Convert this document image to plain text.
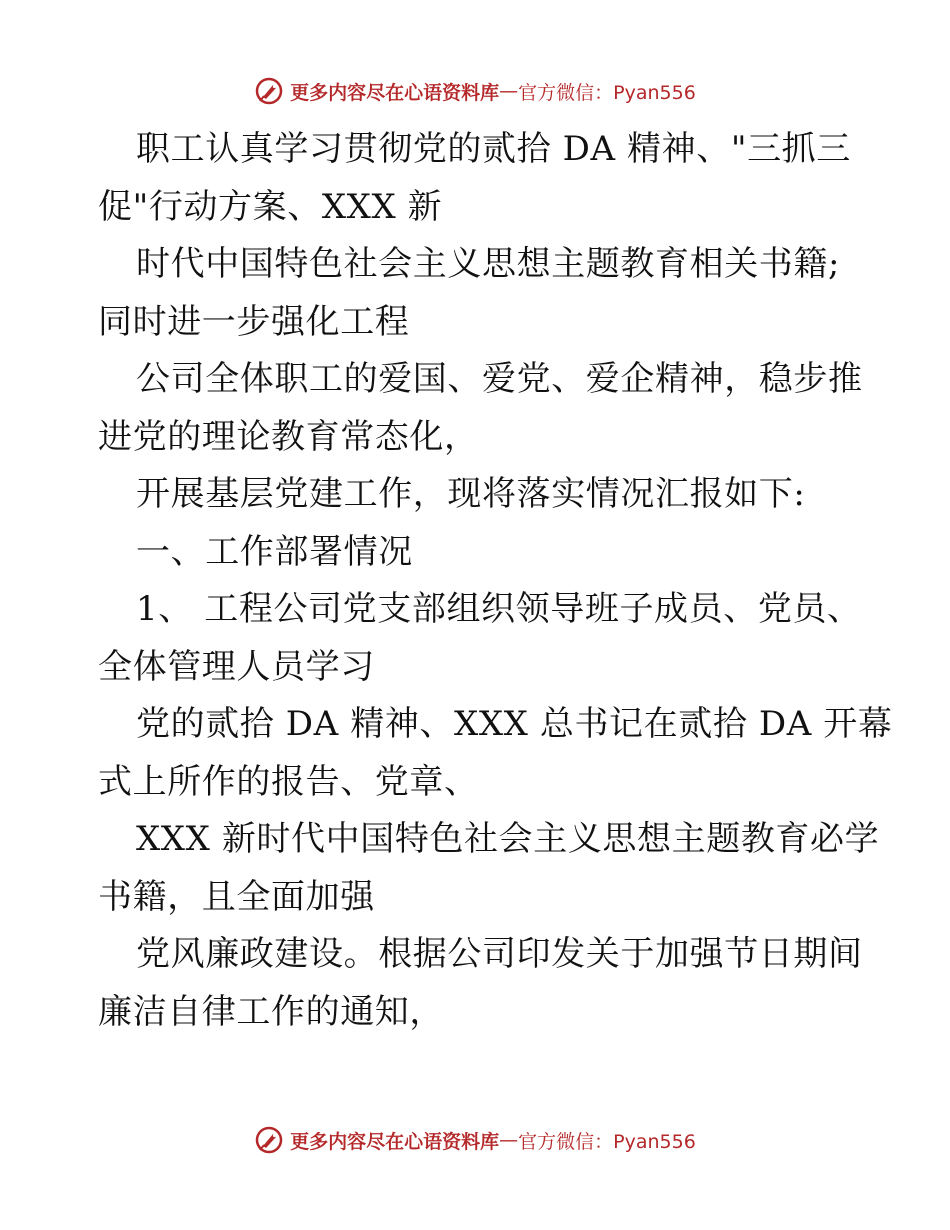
更多内容尽在心语资料库 — 官方微信：Pyan556

职工认真学习贯彻党的贰拾 DA 精神、"三抓三
促"行动方案、XXX 新

时代中国特色社会主义思想主题教育相关书籍;
同时进一步强化工程

公司全体职工的爱国、爱党、爱企精神，稳步推
进党的理论教育常态化，

开展基层党建工作，现将落实情况汇报如下:

一、工作部署情况

1、 工程公司党支部组织领导班子成员、党员、
全体管理人员学习

党的贰拾 DA 精神、XXX 总书记在贰拾 DA 开幕
式上所作的报告、党章、

XXX 新时代中国特色社会主义思想主题教育必学
书籍，且全面加强

党风廉政建设。根据公司印发关于加强节日期间
廉洁自律工作的通知，

更多内容尽在心语资料库 — 官方微信：Pyan556
